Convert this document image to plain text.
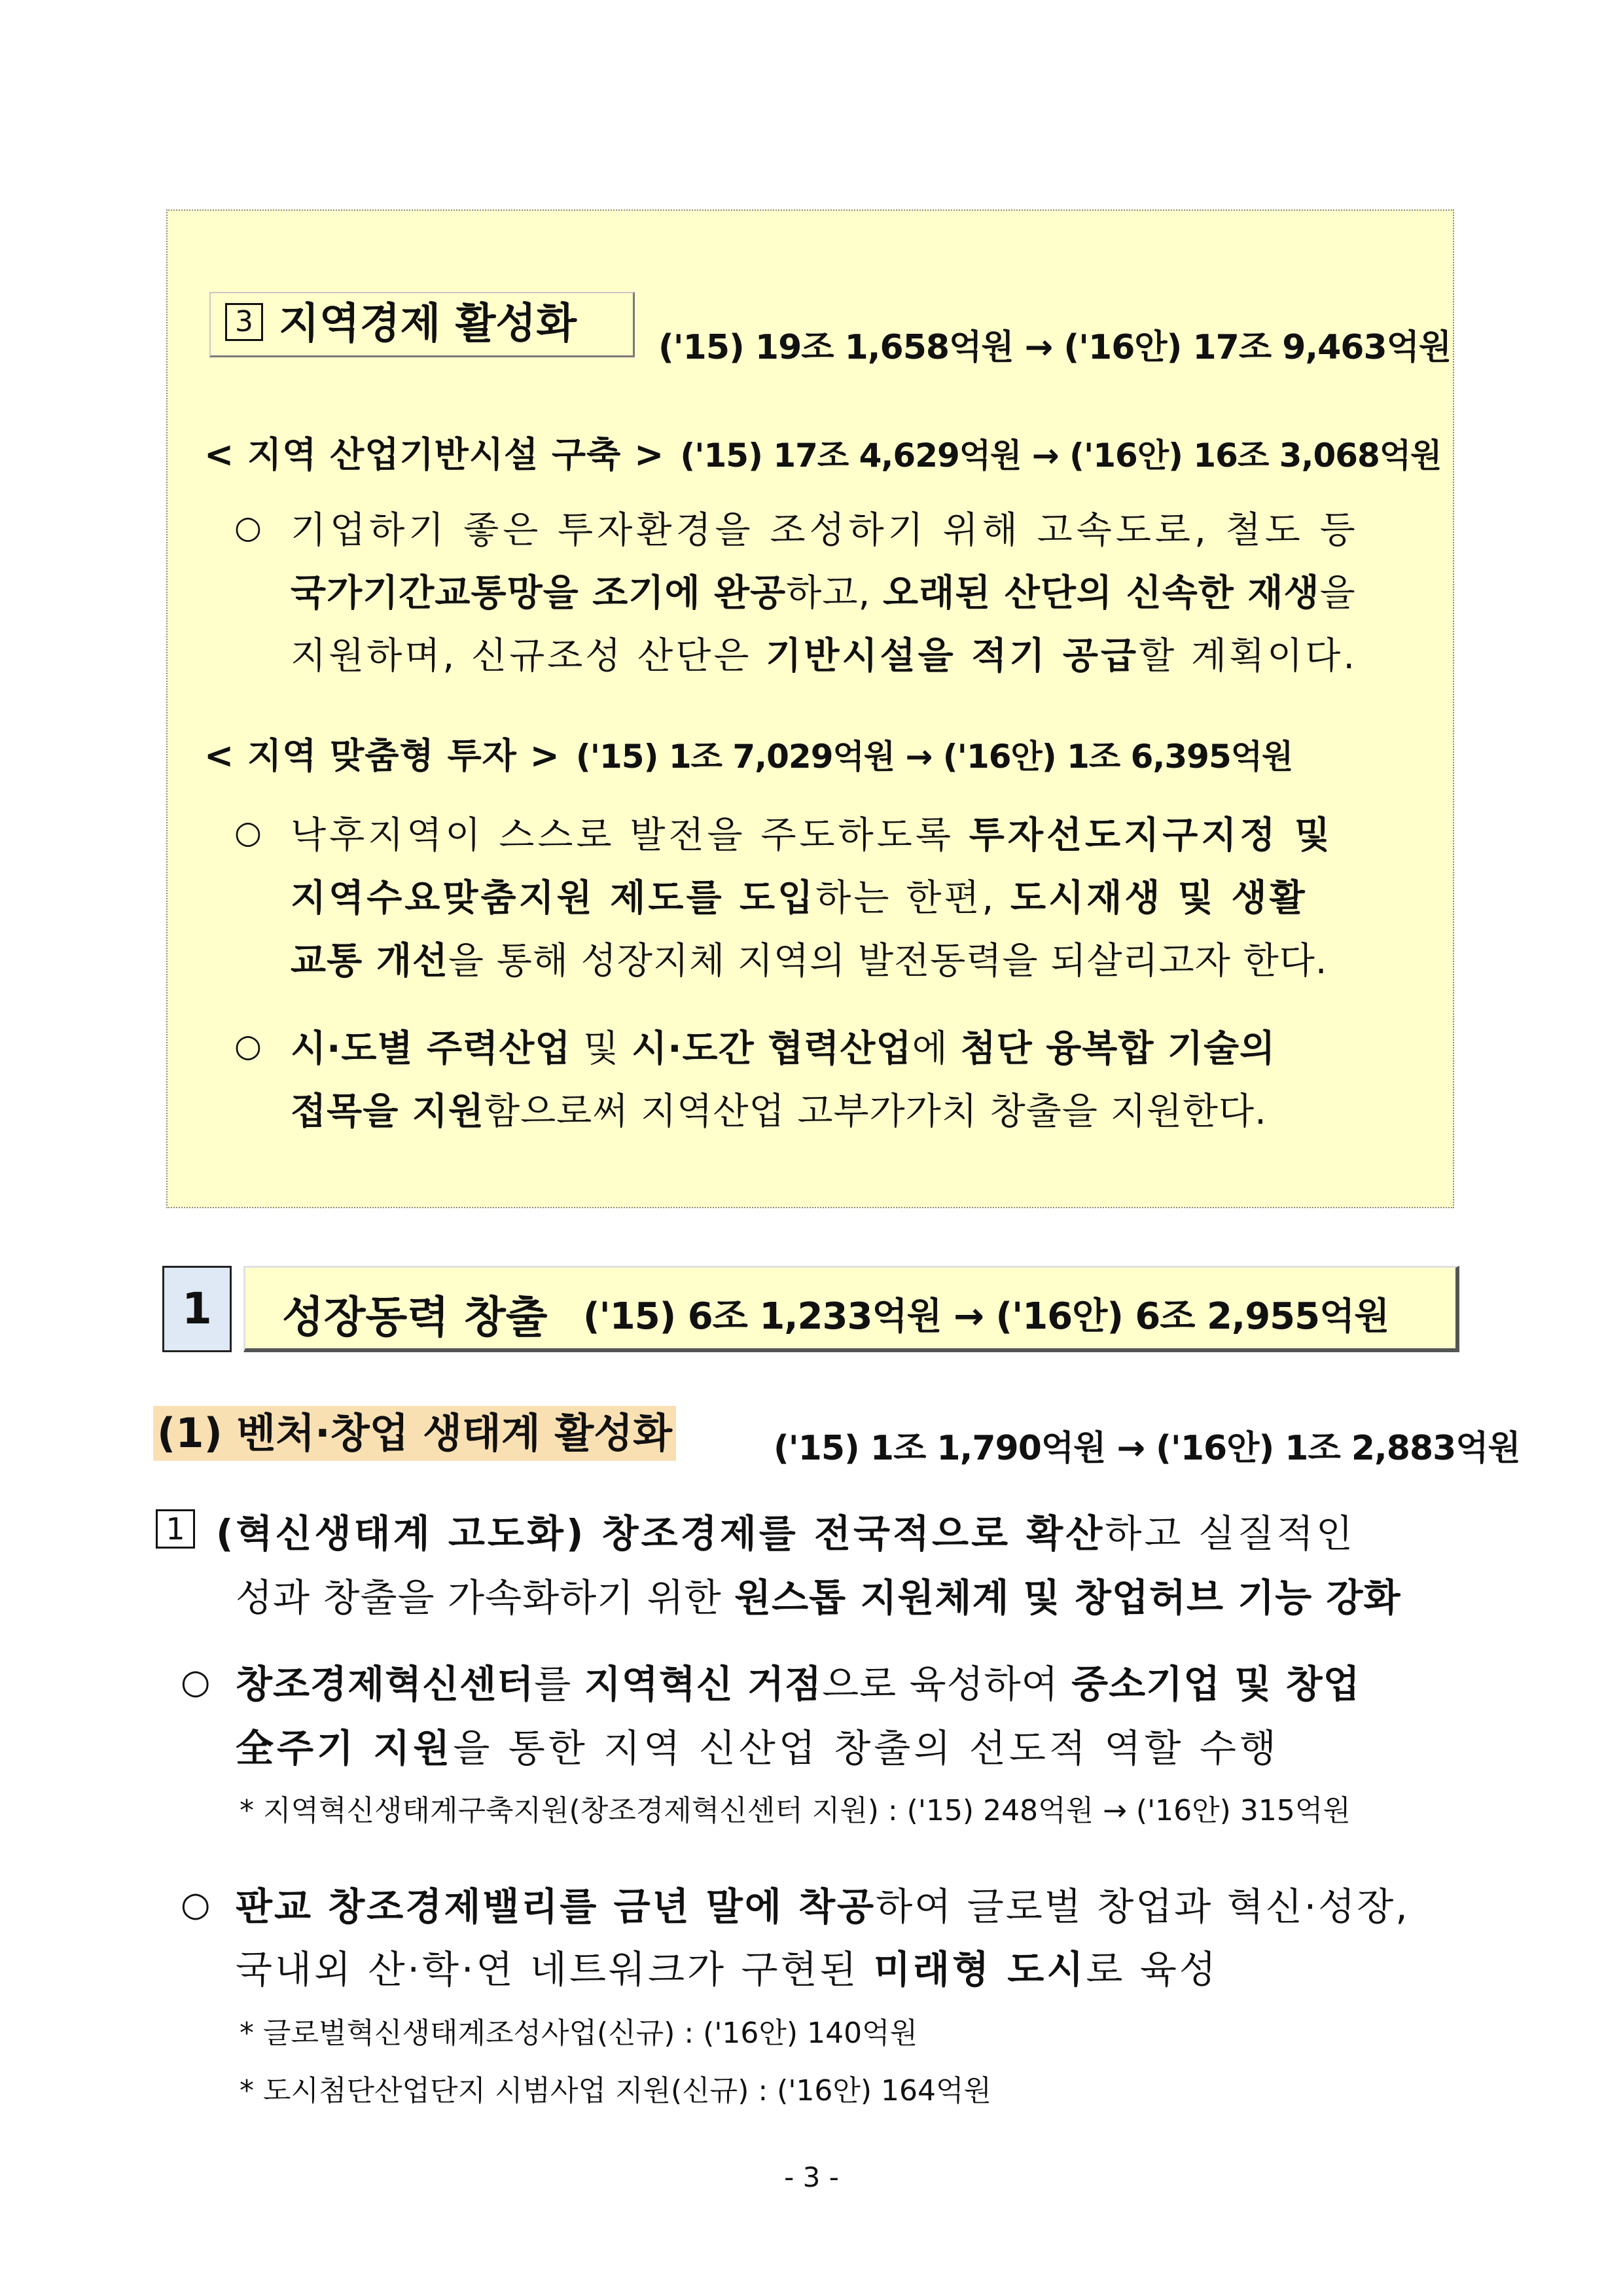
3 지역경제 활성화	('15) 19조 1,658억원 → ('16안) 17조 9,463억원
< 지역 산업기반시설 구축 > ('15) 17조 4,629억원 → ('16안) 16조 3,068억원
○ 기업하기 좋은 투자환경을 조성하기 위해 고속도로, 철도 등
국가기간교통망을 조기에 완공하고, 오래된 산단의 신속한 재생을
지원하며, 신규조성 산단은 기반시설을 적기 공급할 계획이다.
< 지역 맞춤형 투자 > ('15) 1조 7,029억원 → ('16안) 1조 6,395억원
○ 낙후지역이 스스로 발전을 주도하도록 투자선도지구지정 및
지역수요맞춤지원 제도를 도입하는 한편, 도시재생 및 생활
교통 개선을 통해 성장지체 지역의 발전동력을 되살리고자 한다.
○ 시·도별 주력산업 및 시·도간 협력산업에 첨단 융복합 기술의
접목을 지원함으로써 지역산업 고부가가치 창출을 지원한다.
1	성장동력 창출 ('15) 6조 1,233억원 → ('16안) 6조 2,955억원
(1) 벤처·창업 생태계 활성화	('15) 1조 1,790억원 → ('16안) 1조 2,883억원
1 (혁신생태계 고도화) 창조경제를 전국적으로 확산하고 실질적인
성과 창출을 가속화하기 위한 원스톱 지원체계 및 창업허브 기능 강화
○ 창조경제혁신센터를 지역혁신 거점으로 육성하여 중소기업 및 창업
全주기 지원을 통한 지역 신산업 창출의 선도적 역할 수행
* 지역혁신생태계구축지원(창조경제혁신센터 지원) : ('15) 248억원 → ('16안) 315억원
○ 판교 창조경제밸리를 금년 말에 착공하여 글로벌 창업과 혁신·성장,
국내외 산·학·연 네트워크가 구현된 미래형 도시로 육성
* 글로벌혁신생태계조성사업(신규) : ('16안) 140억원
* 도시첨단산업단지 시범사업 지원(신규) : ('16안) 164억원
- 3 -
